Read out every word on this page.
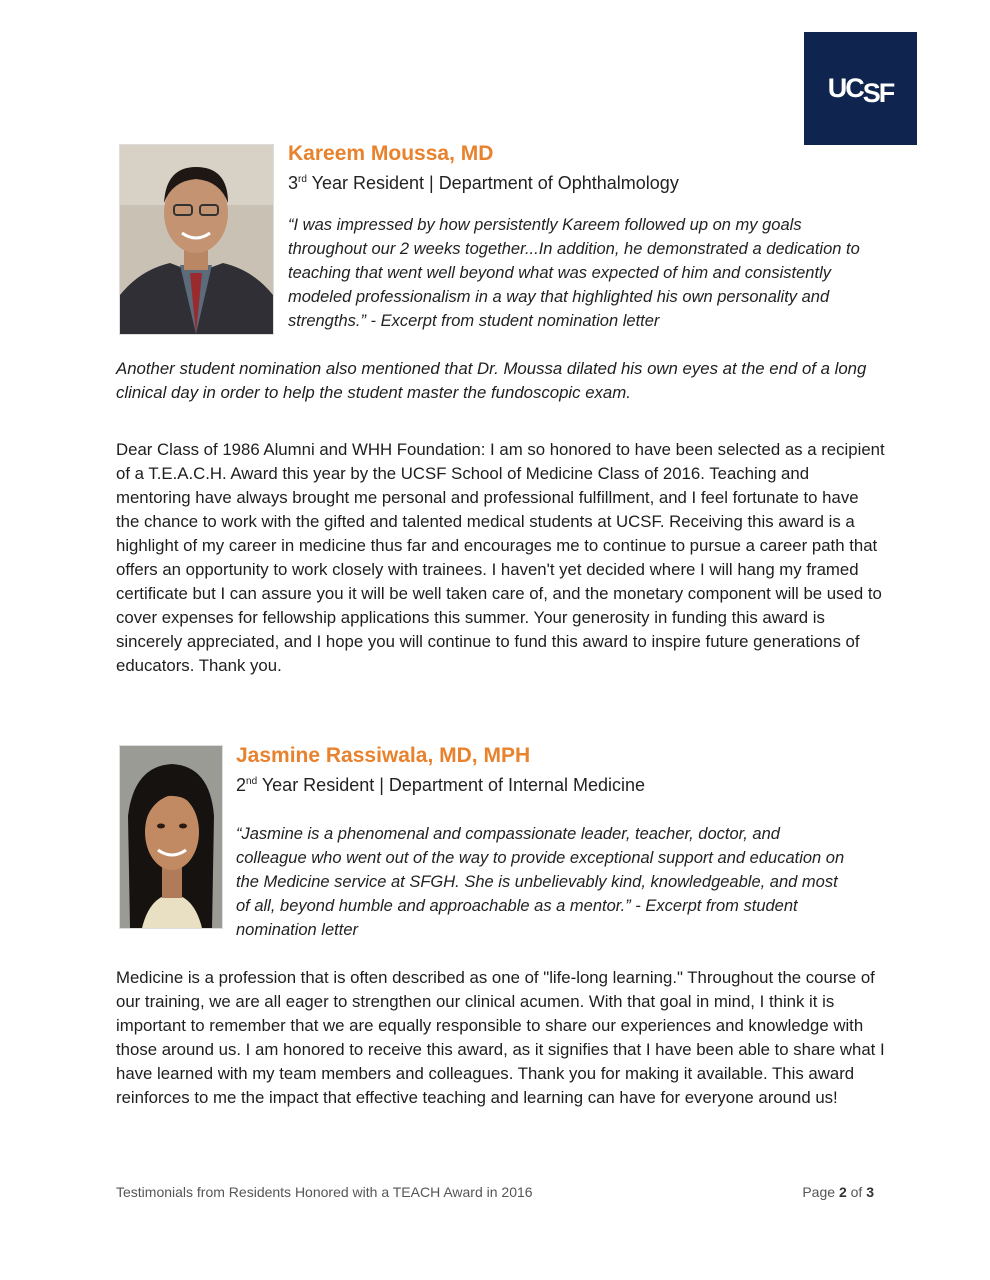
$UC_{SF}$
Kareem Moussa, MD

3rd Year Resident | Department of Ophthalmology

“I was impressed by how persistently Kareem followed up on my goals throughout our 2 weeks together...In addition, he demonstrated a dedication to teaching that went well beyond what was expected of him and consistently modeled professionalism in a way that highlighted his own personality and strengths.” - Excerpt from student nomination letter

Another student nomination also mentioned that Dr. Moussa dilated his own eyes at the end of a long clinical day in order to help the student master the fundoscopic exam.

Dear Class of 1986 Alumni and WHH Foundation: I am so honored to have been selected as a recipient of a T.E.A.C.H. Award this year by the UCSF School of Medicine Class of 2016. Teaching and mentoring have always brought me personal and professional fulfillment, and I feel fortunate to have the chance to work with the gifted and talented medical students at UCSF. Receiving this award is a highlight of my career in medicine thus far and encourages me to continue to pursue a career path that offers an opportunity to work closely with trainees. I haven't yet decided where I will hang my framed certificate but I can assure you it will be well taken care of, and the monetary component will be used to cover expenses for fellowship applications this summer. Your generosity in funding this award is sincerely appreciated, and I hope you will continue to fund this award to inspire future generations of educators. Thank you.

Jasmine Rassiwala, MD, MPH

2nd Year Resident | Department of Internal Medicine

“Jasmine is a phenomenal and compassionate leader, teacher, doctor, and colleague who went out of the way to provide exceptional support and education on the Medicine service at SFGH. She is unbelievably kind, knowledgeable, and most of all, beyond humble and approachable as a mentor.” - Excerpt from student nomination letter

Medicine is a profession that is often described as one of "life-long learning." Throughout the course of our training, we are all eager to strengthen our clinical acumen. With that goal in mind, I think it is important to remember that we are equally responsible to share our experiences and knowledge with those around us. I am honored to receive this award, as it signifies that I have been able to share what I have learned with my team members and colleagues. Thank you for making it available. This award reinforces to me the impact that effective teaching and learning can have for everyone around us!

Testimonials from Residents Honored with a TEACH Award in 2016	Page 2 of 3
